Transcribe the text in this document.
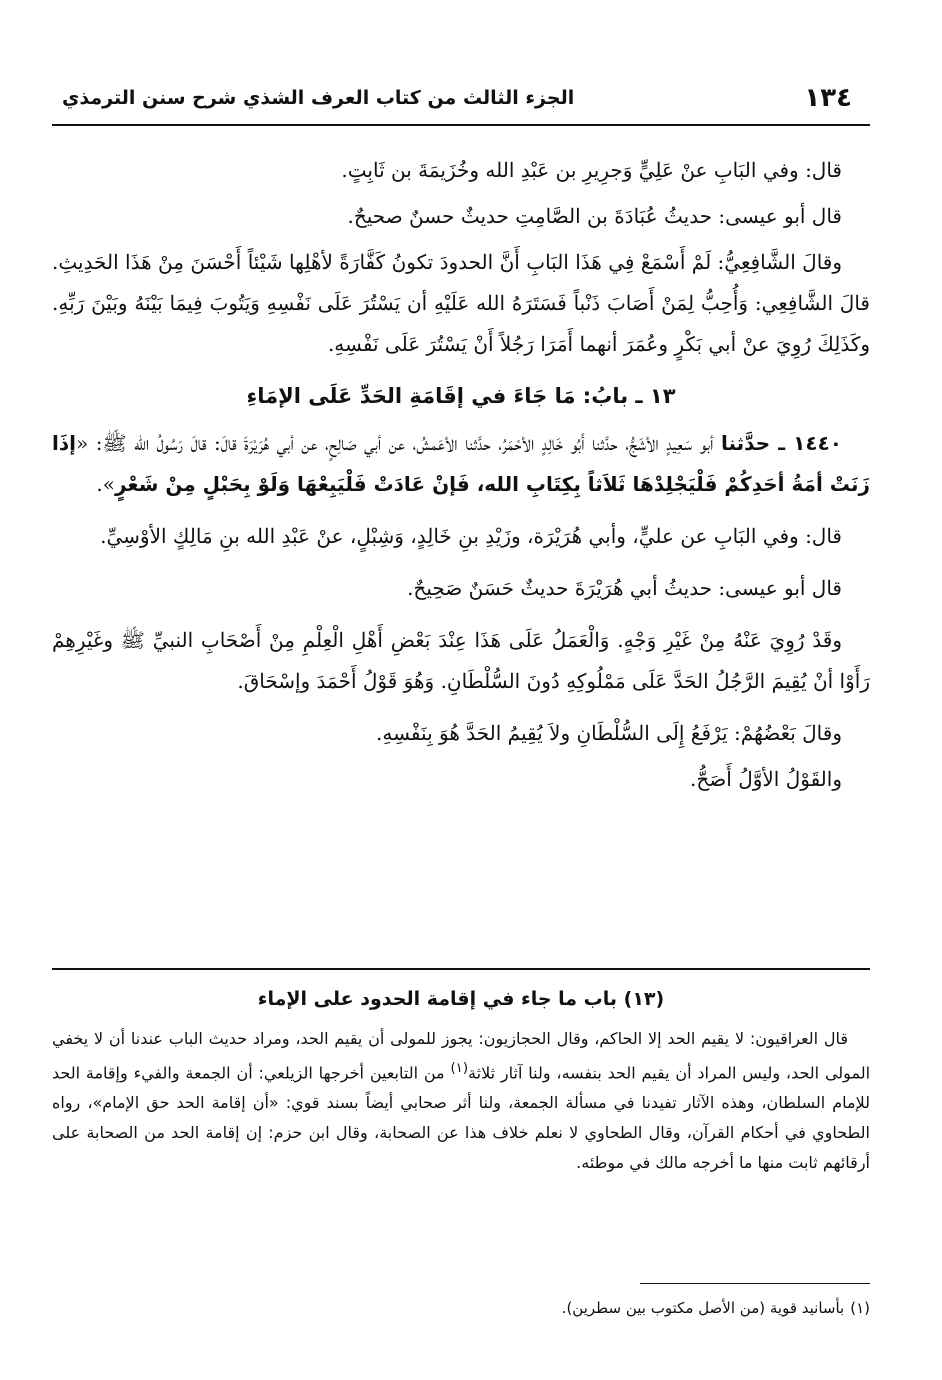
١٣٤
الجزء الثالث من كتاب العرف الشذي شرح سنن الترمذي

قال: وفي البَابِ عنْ عَلِيٍّ وَجرِيرِ بن عَبْدِ الله وخُزَيمَةَ بن ثَابِتٍ.

قال أبو عيسى: حديثُ عُبَادَةَ بن الصَّامِتِ حديثٌ حسنٌ صحيحٌ.

وقالَ الشَّافِعِيُّ: لَمْ أَسْمَعْ فِي هَذَا البَابِ أَنَّ الحدودَ تكونُ كَفَّارَةً لأهْلِها شَيْئاً أَحْسَنَ مِنْ هَذَا الحَدِيثِ. قالَ الشَّافِعِي: وَأُحِبُّ لِمَنْ أَصَابَ ذَنْباً فَسَتَرَهُ الله عَلَيْهِ أن يَسْتُرَ عَلَى نَفْسِهِ وَيَتُوبَ فِيمَا بَيْنَهُ وبَيْنَ رَبِّهِ. وكَذَلِكَ رُوِيَ عنْ أبي بَكْرٍ وعُمَرَ أنهما أَمَرَا رَجُلاً أَنْ يَسْتُرَ عَلَى نَفْسِهِ.

١٣ ـ بابُ: مَا جَاءَ في إقَامَةِ الحَدِّ عَلَى الإمَاءِ

١٤٤٠ ـ حدَّثنا أبو سَعِيدٍ الأشَجُّ، حدَّثنا أَبُو خَالِدٍ الأحْمَرُ، حدَّثنا الأعَمشُ، عن أبي صَالِحٍ، عن أبي هُرَيْرَةَ قالَ: قالَ رَسُولُ الله ﷺ: «إذَا زَنَتْ أمَةُ أحَدِكُمْ فَلْيَجْلِدْهَا ثَلاَثاً بِكِتَابِ الله، فَإنْ عَادَتْ فَلْيَبِعْهَا وَلَوْ بِحَبْلٍ مِنْ شَعْرٍ».

قال: وفي البَابِ عن عليٍّ، وأبي هُرَيْرَة، وزَيْدِ بنِ خَالِدٍ، وَشِبْلٍ، عنْ عَبْدِ الله بنِ مَالِكٍ الأوْسِيِّ.

قال أبو عيسى: حديثُ أبي هُرَيْرَةَ حديثٌ حَسَنٌ صَحِيحٌ.

وقَدْ رُوِيَ عَنْهُ مِنْ غَيْرِ وَجْهٍ. وَالْعَمَلُ عَلَى هَذَا عِنْدَ بَعْضِ أَهْلِ الْعِلْمِ مِنْ أَصْحَابِ النبيِّ ﷺ وغَيْرِهِمْ رَأَوْا أنْ يُقِيمَ الرَّجُلُ الحَدَّ عَلَى مَمْلُوكِهِ دُونَ السُّلْطَانِ. وَهُوَ قَوْلُ أَحْمَدَ وإسْحَاقَ.

وقالَ بَعْضُهُمْ: يَرْفَعُ إِلَى السُّلْطَانِ ولاَ يُقِيمُ الحَدَّ هُوَ بِنَفْسِهِ.

والقَوْلُ الأوَّلُ أَصَحُّ.

(١٣) باب ما جاء في إقامة الحدود على الإماء

قال العراقيون: لا يقيم الحد إلا الحاكم، وقال الحجازيون: يجوز للمولى أن يقيم الحد، ومراد حديث الباب عندنا أن لا يخفي المولى الحد، وليس المراد أن يقيم الحد بنفسه، ولنا آثار ثلاثة$^{(١)}$ من التابعين أخرجها الزيلعي: أن الجمعة والفيء وإقامة الحد للإمام السلطان، وهذه الآثار تفيدنا في مسألة الجمعة، ولنا أثر صحابي أيضاً بسند قوي: «أن إقامة الحد حق الإمام»، رواه الطحاوي في أحكام القرآن، وقال الطحاوي لا نعلم خلاف هذا عن الصحابة، وقال ابن حزم: إن إقامة الحد من الصحابة على أرقائهم ثابت منها ما أخرجه مالك في موطئه.

(١)بأسانيد قوية (من الأصل مكتوب بين سطرين).
